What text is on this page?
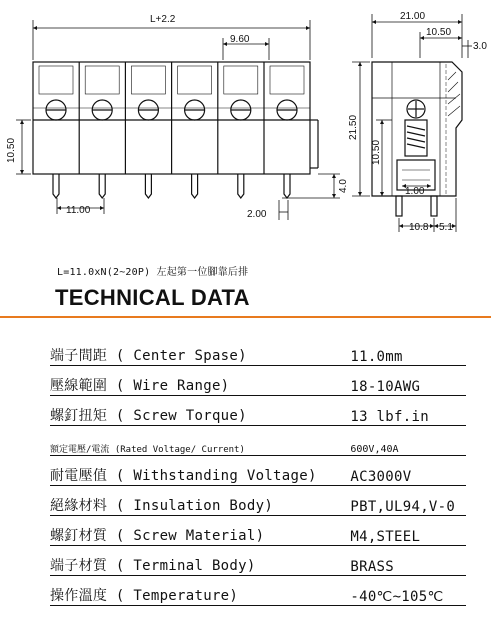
L+2.2
9.60
10.50
11.00
4.0
2.00
21.00
10.50
3.0
21.50
10.50
1.00
10.8 5.1
L=11.0xN(2~20P) 左起第一位腳靠后排
TECHNICAL DATA
端子間距 ( Center Spase)	11.0mm
壓線範圍 ( Wire Range)	18-10AWG
螺釘扭矩 ( Screw Torque)	13 lbf.in
額定電壓/電流 (Rated Voltage/ Current)	600V,40A
耐電壓值 ( Withstanding Voltage)	AC3000V
絕緣材料 ( Insulation Body)	PBT,UL94,V-0
螺釘材質 ( Screw Material)	M4,STEEL
端子材質 ( Terminal Body)	BRASS
操作溫度 ( Temperature)	-40℃~105℃
